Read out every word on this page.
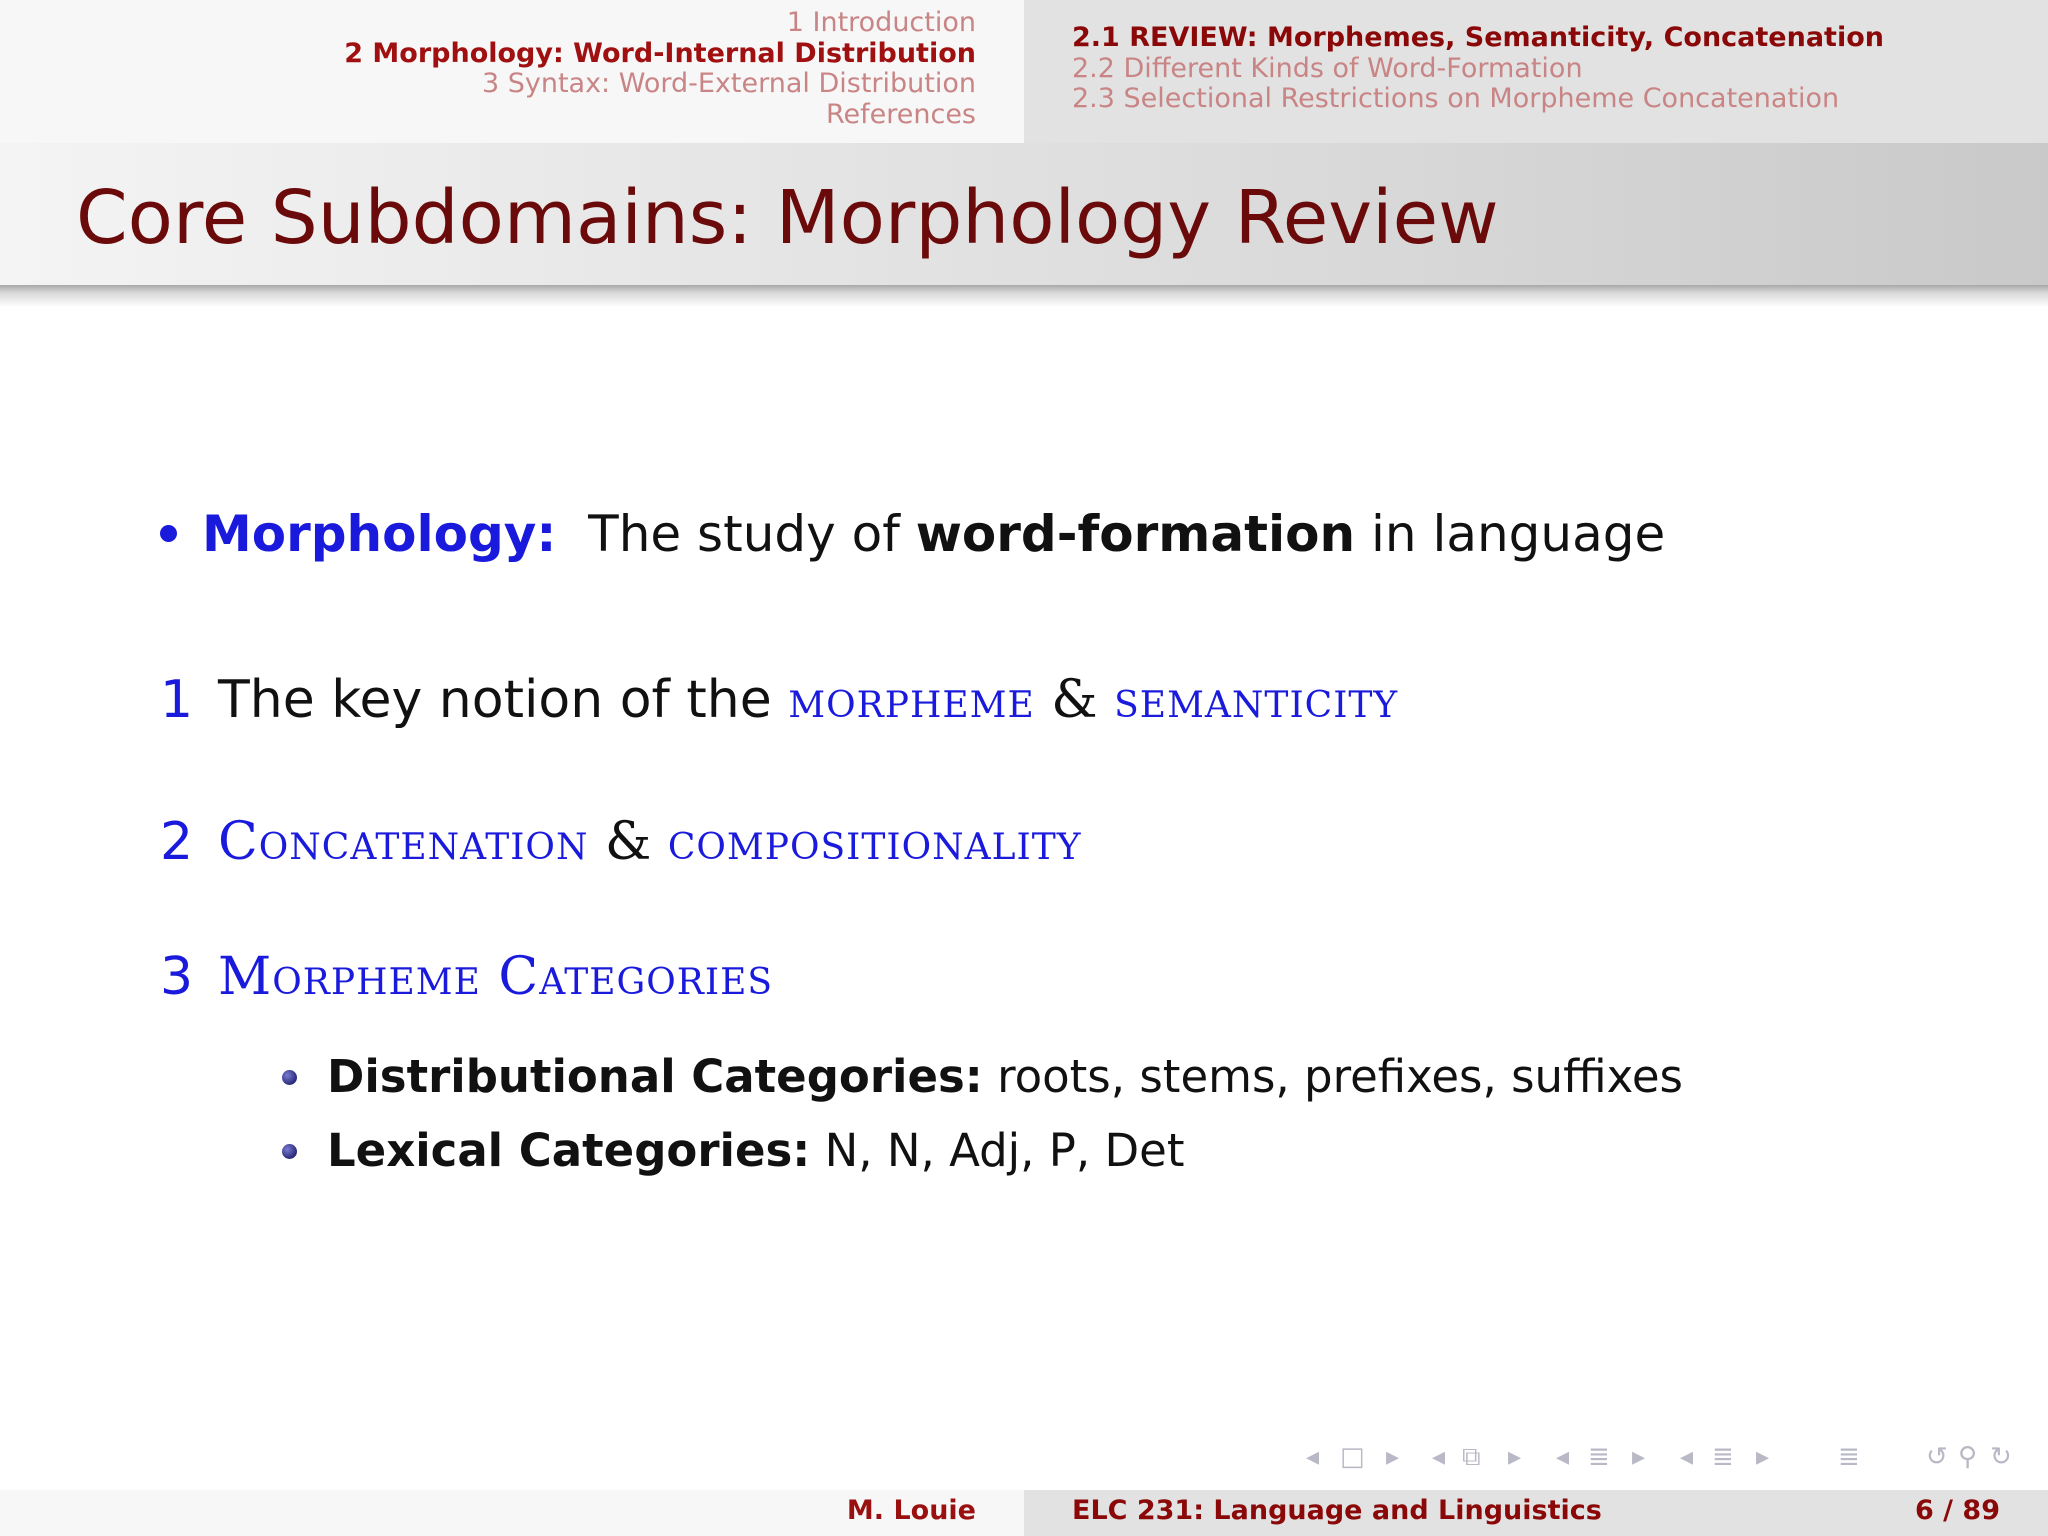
1 Introduction
2 Morphology: Word-Internal Distribution
3 Syntax: Word-External Distribution
References
2.1 REVIEW: Morphemes, Semanticity, Concatenation
2.2 Different Kinds of Word-Formation
2.3 Selectional Restrictions on Morpheme Concatenation
Core Subdomains: Morphology Review
Morphology: The study of word-formation in language
1 The key notion of the morpheme & semanticity
2 Concatenation & compositionality
3 Morpheme Categories
Distributional Categories: roots, stems, prefixes, suffixes
Lexical Categories: N, N, Adj, P, Det
◂ □ ▸ ◂ ⧉ ▸ ◂ ≣ ▸ ◂ ≣ ▸	≣	↺ ⚲ ↻
M. Louie	ELC 231: Language and Linguistics	6 / 89
